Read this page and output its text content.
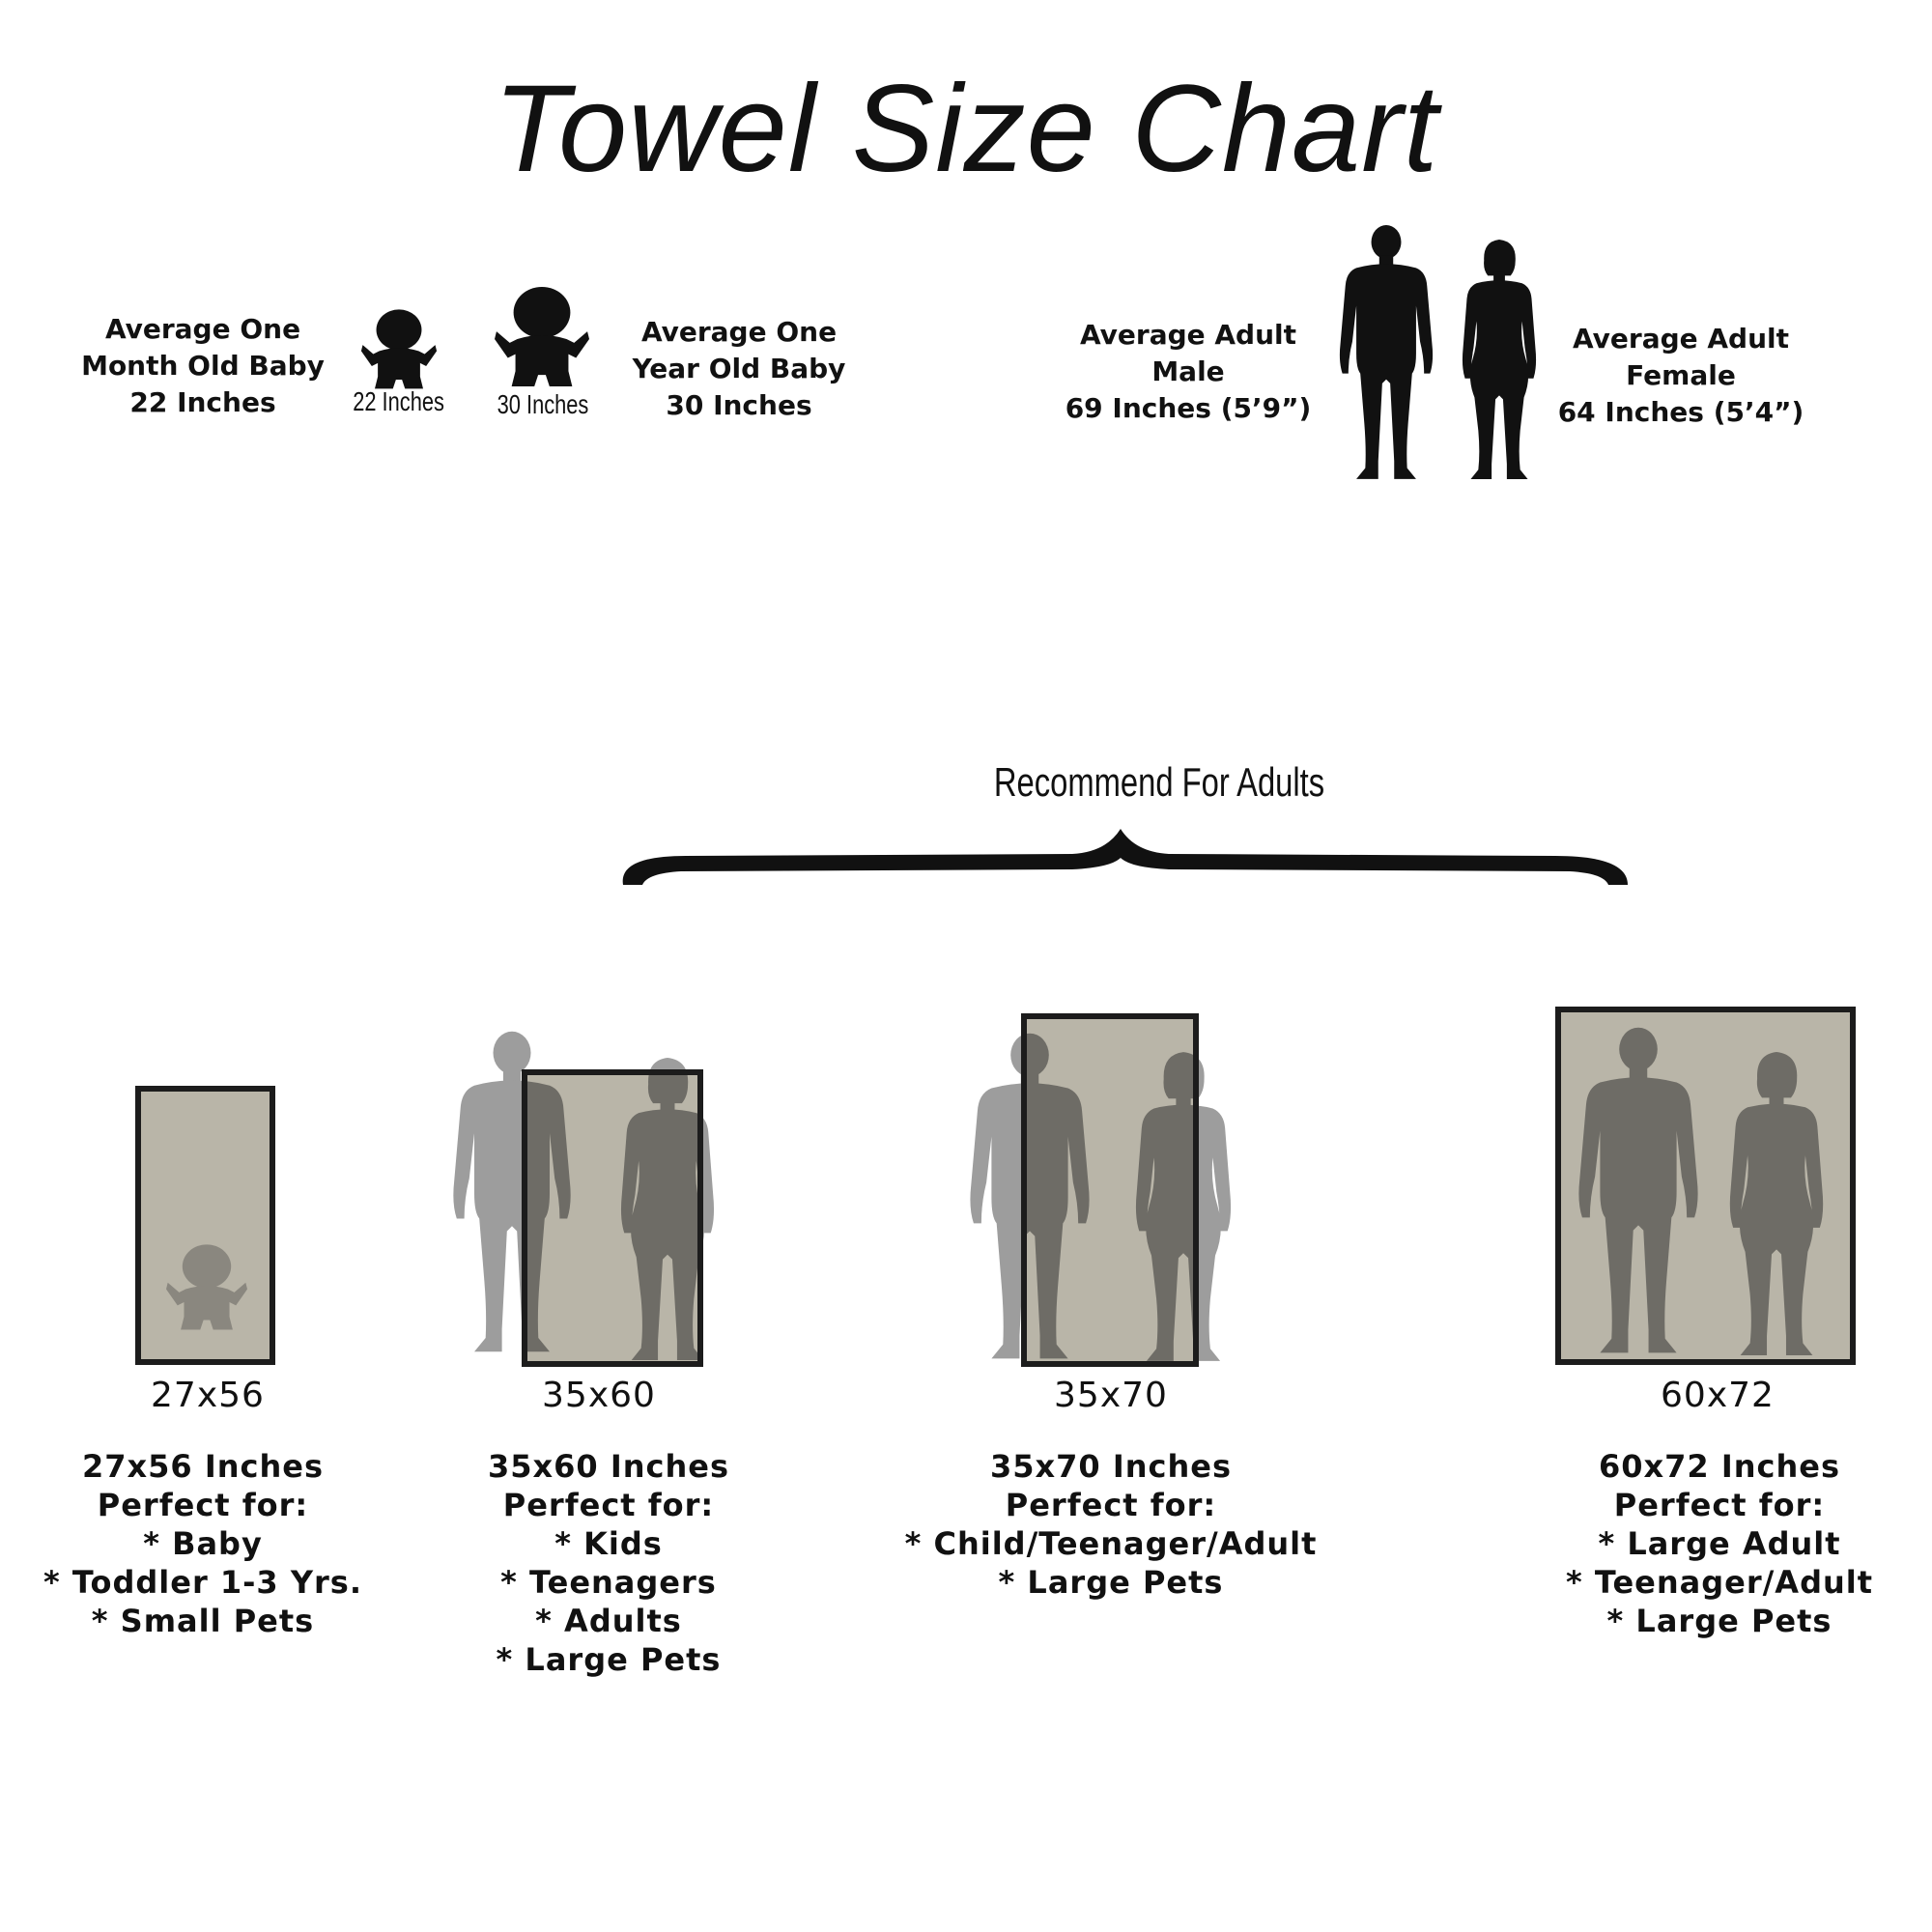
Towel Size Chart
Average One
Month Old Baby
22 Inches	22 Inches 30 Inches
Average One
Year Old Baby
30 Inches
Average Adult
Male
69 Inches (5’9”)
Average Adult
Female
64 Inches (5’4”)
Recommend For Adults
27x56
27x56 Inches
Perfect for:
* Baby
* Toddler 1-3 Yrs.
* Small Pets
35x60
35x60 Inches
Perfect for:
* Kids
* Teenagers
* Adults
* Large Pets
35x70
35x70 Inches
Perfect for:
* Child/Teenager/Adult
* Large Pets
60x72
60x72 Inches
Perfect for:
* Large Adult
* Teenager/Adult
* Large Pets
